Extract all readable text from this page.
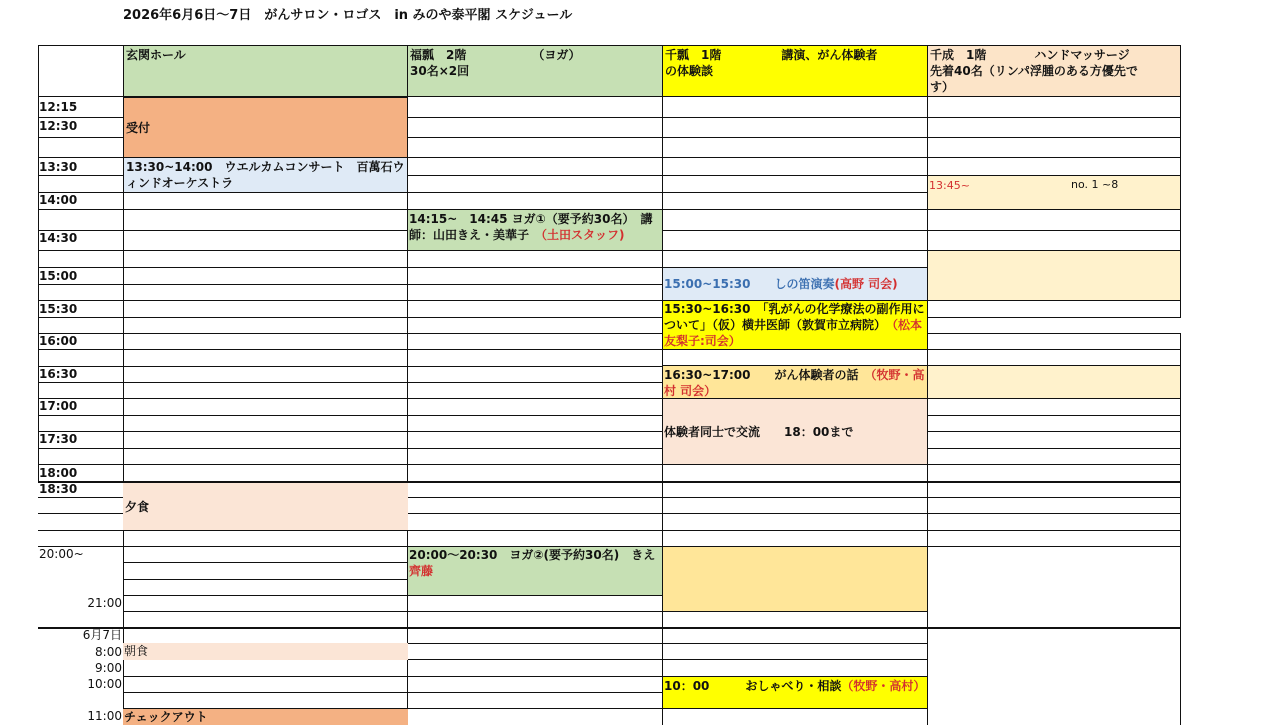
2026年6月6日～7日　がんサロン・ロゴス　in みのや泰平閣 スケジュール
玄関ホール	福瓢　2階　　　　　　（ヨガ）
30名×2回
千瓢　1階　　　　　講演、がん体験者
の体験談
千成　1階　　　　ハンドマッサージ
先着40名（リンパ浮腫のある方優先で
す）
12:15
12:30
13:30
14:00
14:30
15:00
15:30
16:00
16:30
17:00
17:30
18:00
18:30
20:00~
21:00
6月7日
8:00
9:00
10:00
11:00
受付
13:30~14:00　ウエルカムコンサート　百萬石ウィンドオーケストラ
夕食
朝食
チェックアウト
14:15~　14:45 ヨガ①（要予約30名）　講師：山田きえ・美華子　（土田スタッフ)
20:00～20:30　ヨガ②(要予約30名)　きえ
齊藤
15:00~15:30　　しの笛演奏(高野 司会)
15:30~16:30　「乳がんの化学療法の副作用について」（仮）横井医師（敦賀市立病院）　（松本友梨子:司会）
16:30~17:00　　がん体験者の話　（牧野・高村 司会）
体験者同士で交流　　18：00まで
10：00　　　おしゃべり・相談（牧野・高村）
13:45~	no. 1 ~8
